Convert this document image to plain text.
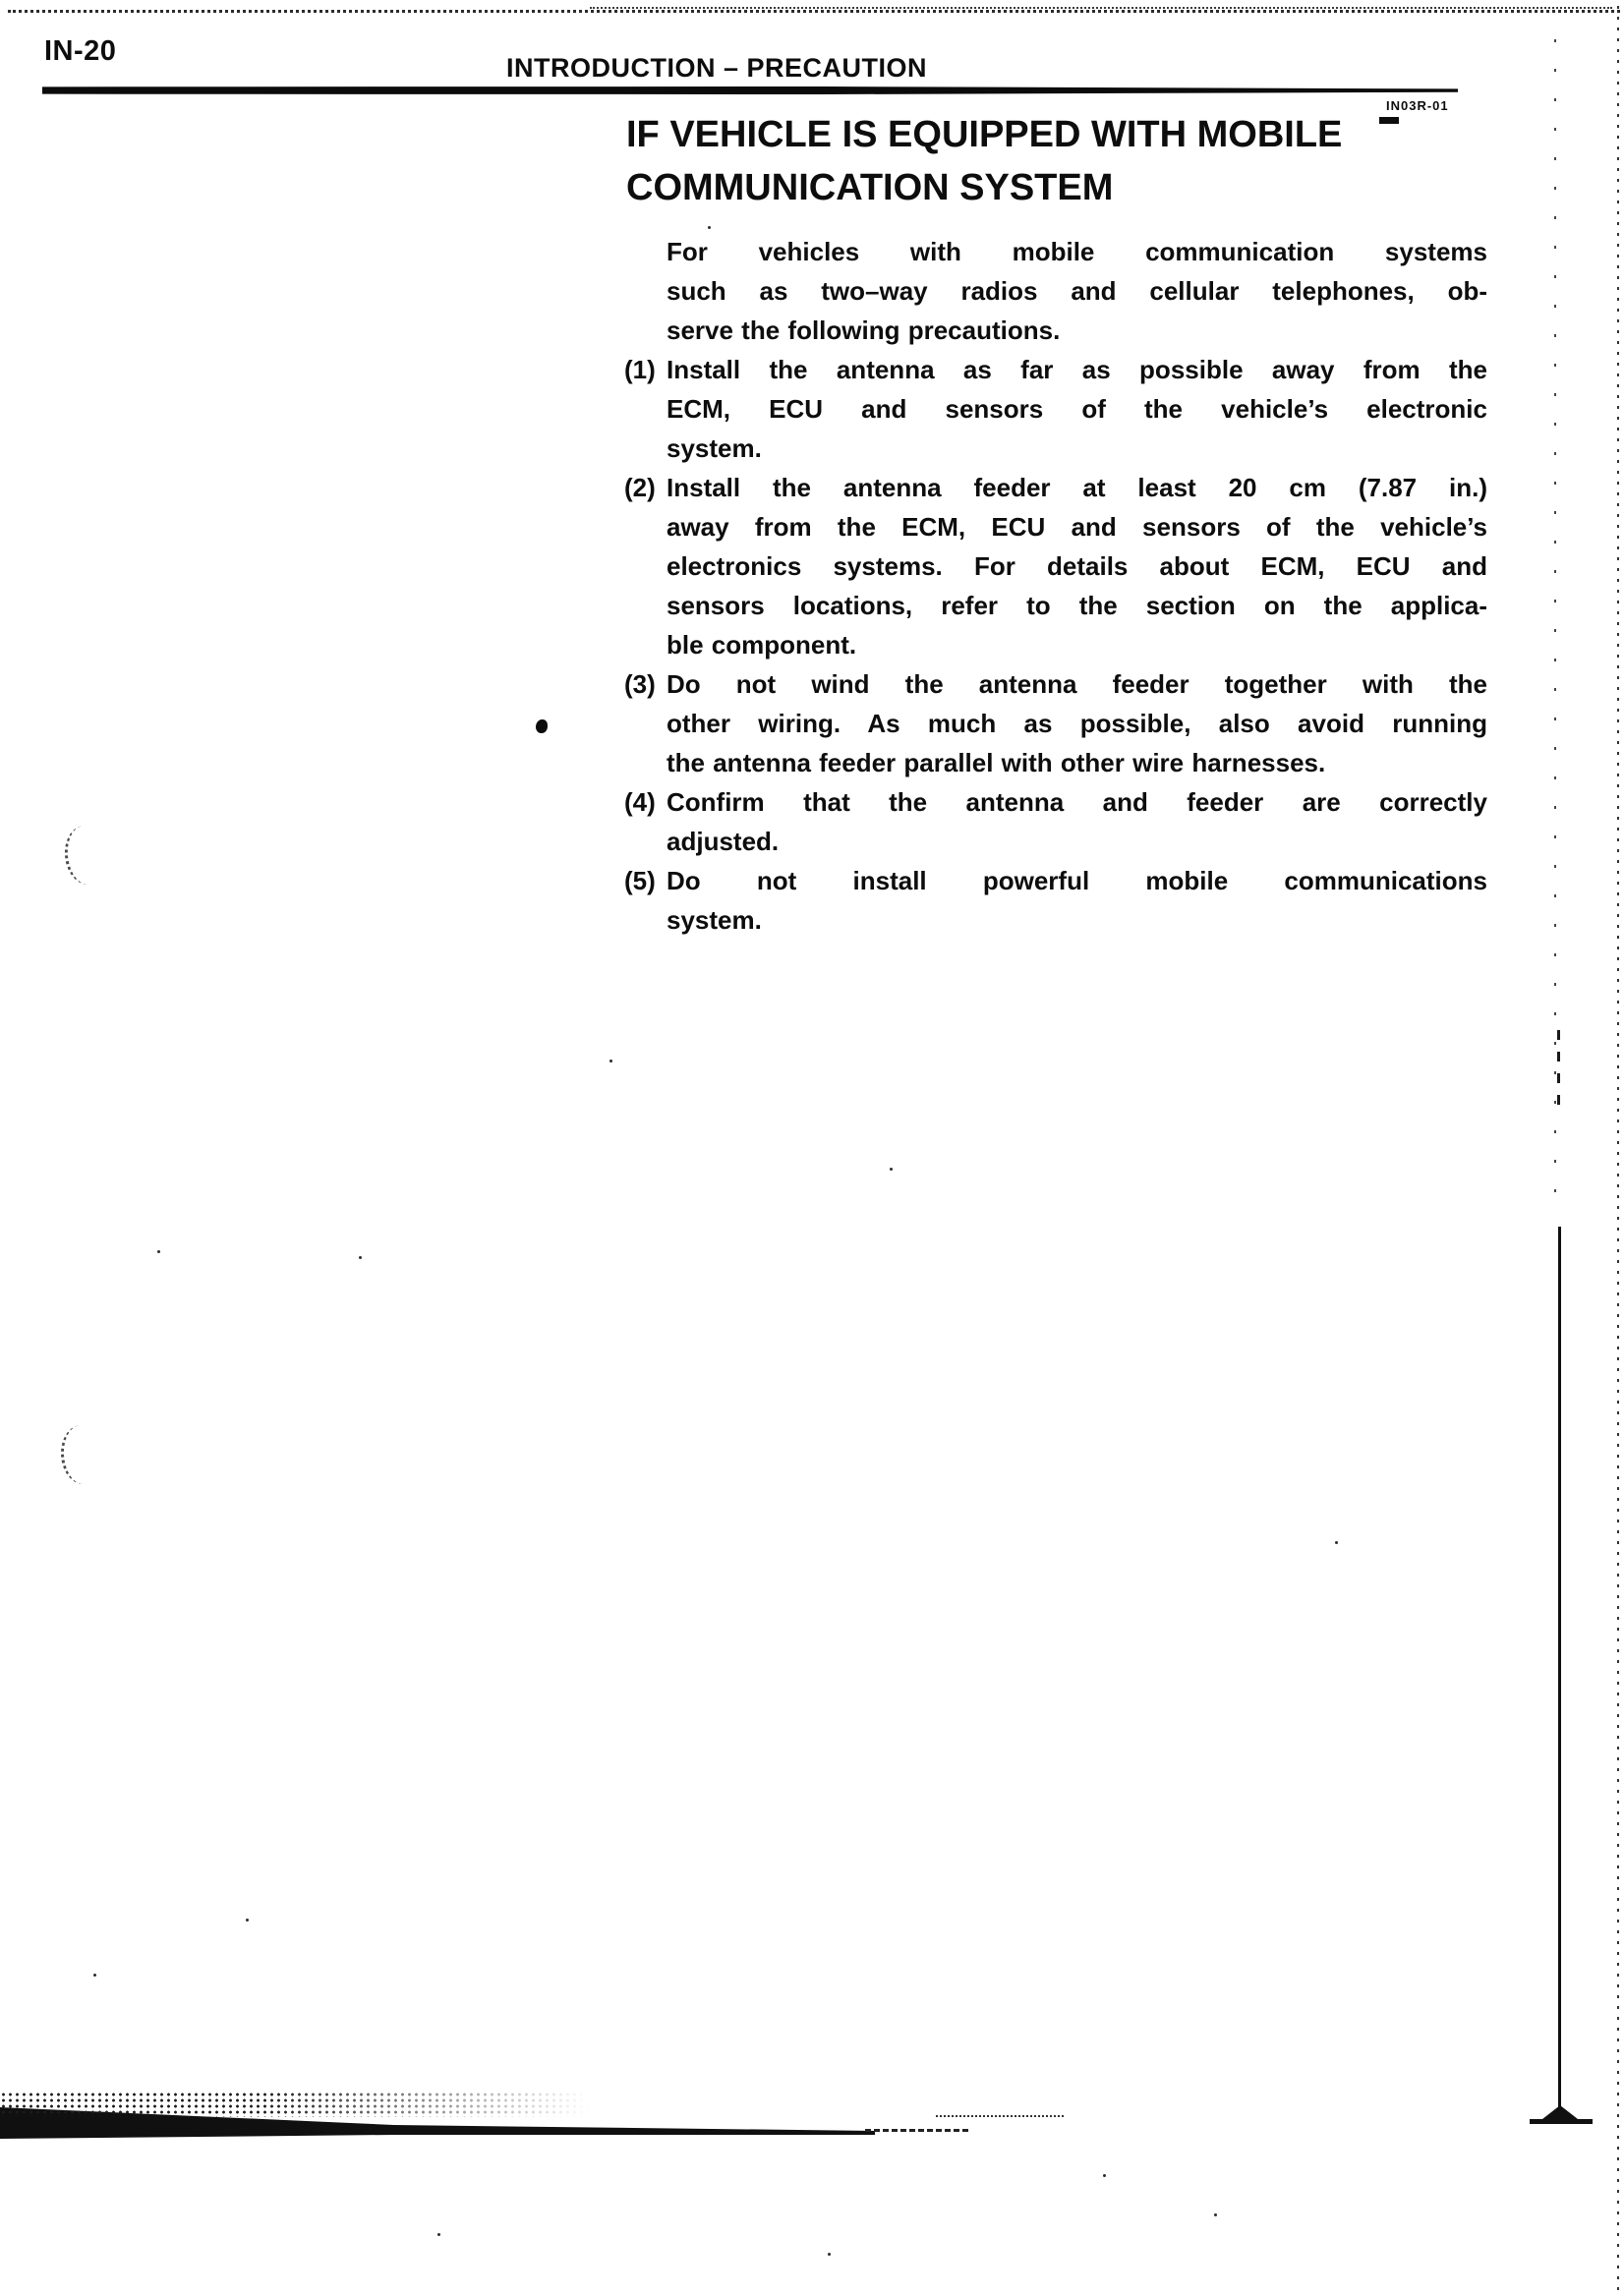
IN-20
INTRODUCTION – PRECAUTION
IN03R-01
IF VEHICLE IS EQUIPPED WITH MOBILE
COMMUNICATION SYSTEM
For vehicles with mobile communication systems
such as two–way radios and cellular telephones, ob-
serve the following precautions.
(1) Install the antenna as far as possible away from the
ECM, ECU and sensors of the vehicle’s electronic
system.
(2) Install the antenna feeder at least 20 cm (7.87 in.)
away from the ECM, ECU and sensors of the vehicle’s
electronics systems. For details about ECM, ECU and
sensors locations, refer to the section on the applica-
ble component.
(3) Do not wind the antenna feeder together with the
other wiring. As much as possible, also avoid running
the antenna feeder parallel with other wire harnesses.
(4) Confirm that the antenna and feeder are correctly
adjusted.
(5) Do not install powerful mobile communications
system.
